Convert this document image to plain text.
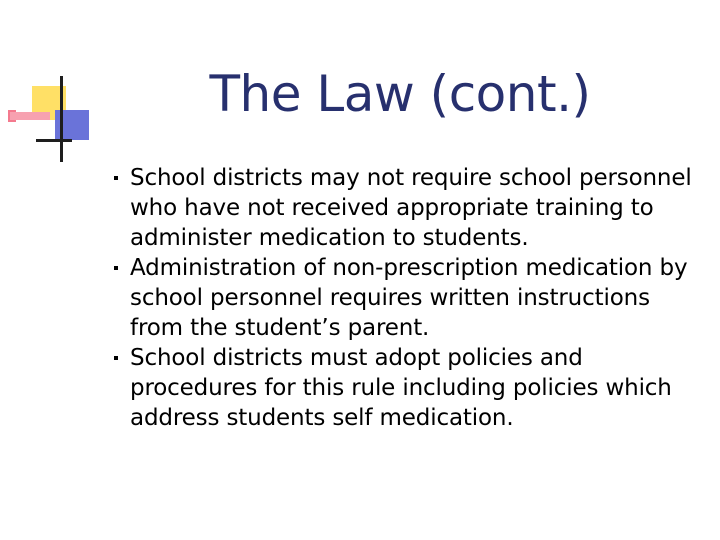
The Law (cont.)
School districts may not require school personnel who have not received appropriate training to administer medication to students.
Administration of non-prescription medication by school personnel requires written instructions from the student’s parent.
School districts must adopt policies and procedures for this rule including policies which address students self medication.
